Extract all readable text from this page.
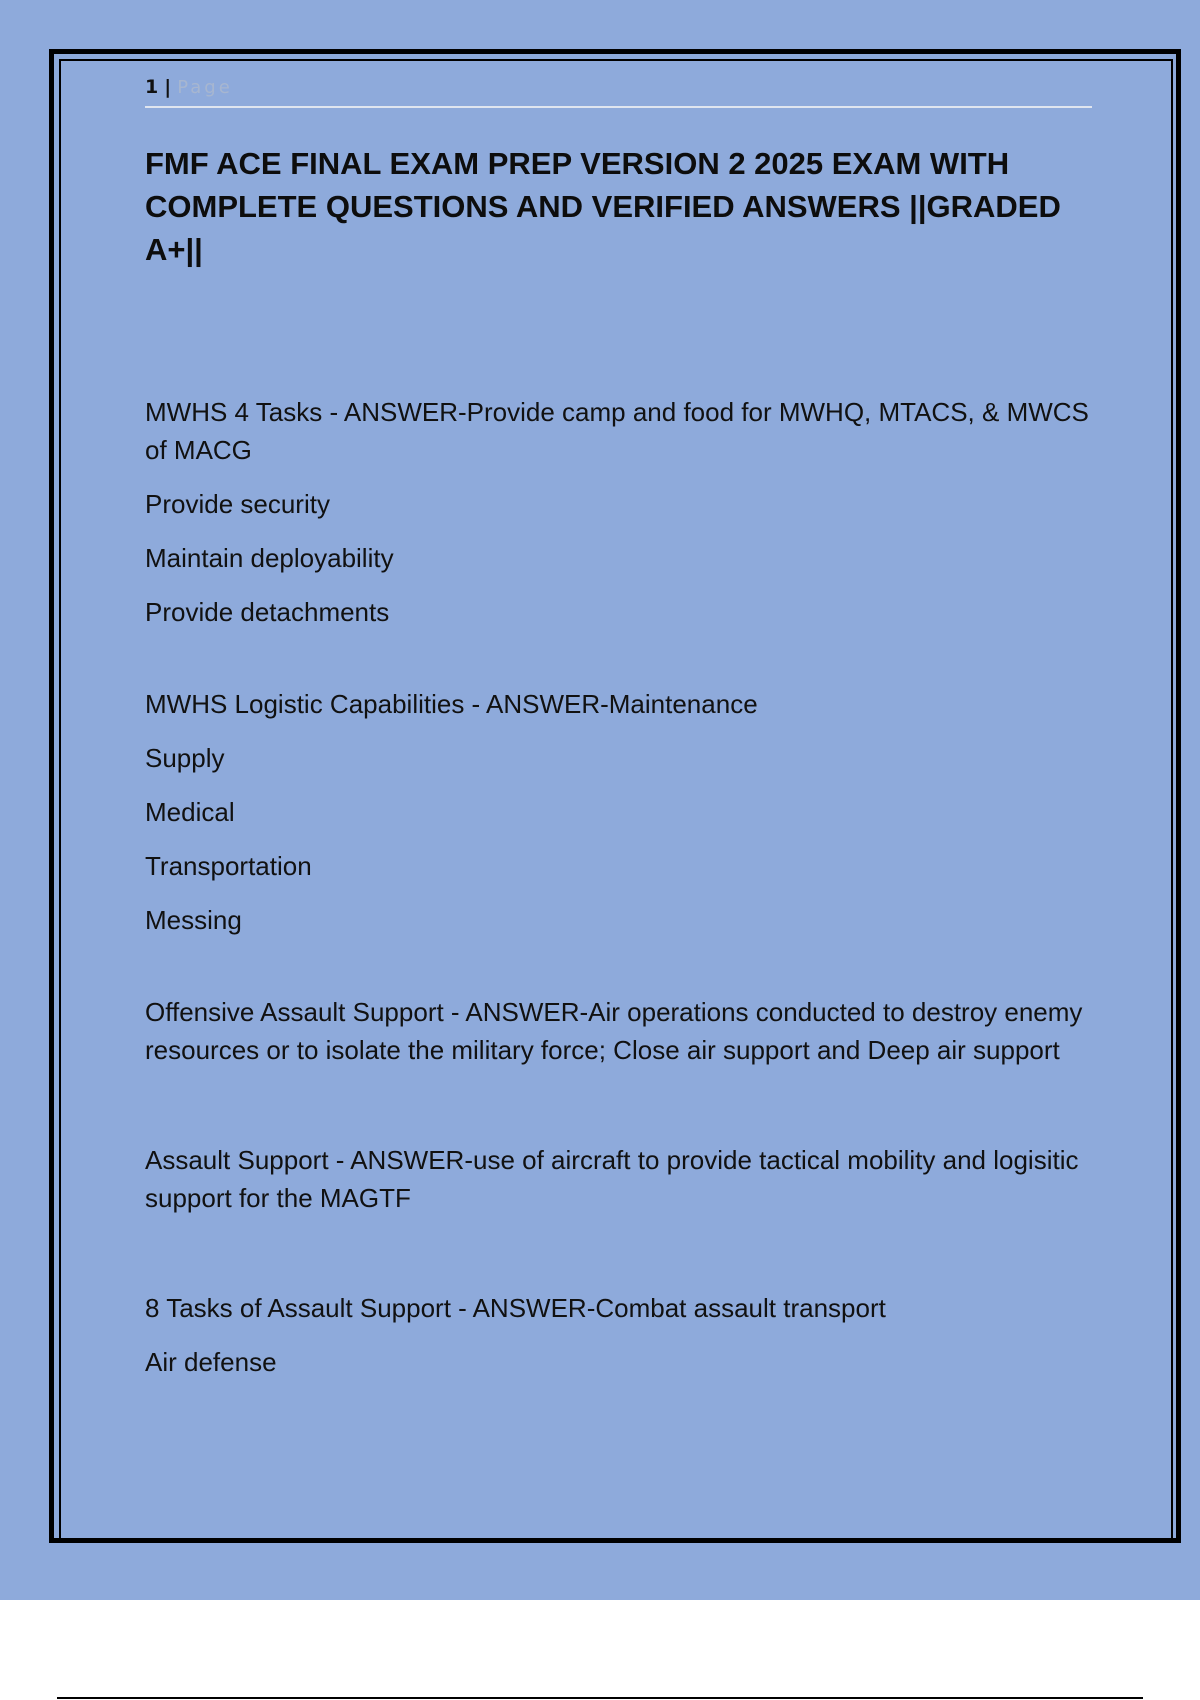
1 | Page
FMF ACE FINAL EXAM PREP VERSION 2 2025 EXAM WITH COMPLETE QUESTIONS AND VERIFIED ANSWERS ||GRADED A+||

MWHS 4 Tasks - ANSWER-Provide camp and food for MWHQ, MTACS, & MWCS of MACG

Provide security

Maintain deployability

Provide detachments

MWHS Logistic Capabilities - ANSWER-Maintenance

Supply

Medical

Transportation

Messing

Offensive Assault Support - ANSWER-Air operations conducted to destroy enemy resources or to isolate the military force; Close air support and Deep air support

Assault Support - ANSWER-use of aircraft to provide tactical mobility and logisitic support for the MAGTF

8 Tasks of Assault Support - ANSWER-Combat assault transport

Air defense
